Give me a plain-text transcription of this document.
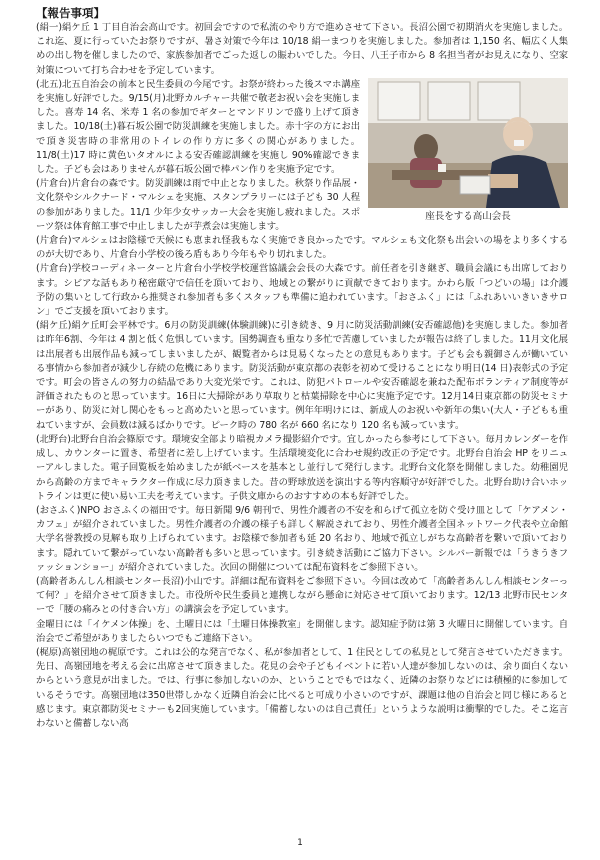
【報告事項】

(絹一)絹ケ丘 1 丁目自治会高山です。初回会ですので私流のやり方で進めさせて下さい。長沼公園で初期消火を実施しました。これ迄、夏に行っていたお祭りですが、暑さ対策で今年は 10/18 絹一まつりを実施しました。参加者は 1,150 名、幅広く人集めの出し物を催しましたので、家族参加者でごった返しの賑わいでした。今日、八王子市から 8 名担当者がお見えになり、空家対策について打ち合わせを予定しています。

座長をする高山会長

(北五)北五自治会の前本と民生委員の今尾です。お祭が終わった後スマホ講座を実施し好評でした。9/15(月)北野カルチャー共催で敬老お祝い会を実施しました。喜寿 14 名、米寿 1 名の参加でギターとマンドリンで盛り上げて頂きました。10/18(土)暮石坂公園で防災訓練を実施しました。赤十字の方にお出で頂き災害時の非常用のトイレの作り方に多くの関心がありました。11/8(土)17 時に黄色いタオルによる安否確認訓練を実施し 90%確認できました。子ども会はありませんが暮石坂公園で棒パン作りを実施予定です。

(片倉台)片倉台の森です。防災訓練は雨で中止となりました。秋祭り作品展・文化祭やシルクナード・マルシェを実施、スタンプラリーには子ども 30 人程の参加がありました。11/1 少年少女サッカー大会を実施し疲れました。スポーツ祭は体育館工事で中止しましたが芋煮会は実施します。

(片倉台)マルシェはお陰様で天候にも恵まれ怪我もなく実施でき良かったです。マルシェも文化祭も出会いの場をより多くするのが大切であり、片倉台小学校の後ろ盾もあり今年もやり切れました。

(片倉台)学校コーディネーターと片倉台小学校学校運営協議会会長の大森です。前任者を引き継ぎ、職員会議にも出席しております。シビアな話もあり秘密厳守で信任を頂いており、地域との繋がりに貢献できております。かわら版「つどいの場」は介護予防の集いとして行政から推奨され参加者も多くスタッフも準備に追われています。「おさふく」には「ふれあいいきいきサロン」でご支援を頂いております。

(絹ケ丘)絹ケ丘町会平林です。6月の防災訓練(体験訓練)に引き続き、9 月に防災活動訓練(安否確認他)を実施しました。参加者は昨年6割、今年は 4 割と低く危惧しています。国勢調査も重なり多忙で苦慮していましたが報告は終了しました。11月文化展は出展者も出展作品も減ってしまいましたが、観覧者からは見易くなったとの意見もあります。子ども会も親御さんが働いている事情から参加者が減少し存続の危機にあります。防災活動が東京都の表彰を初めて受けることになり明日(14 日)表彰式の予定です。町会の皆さんの努力の結晶であり大変光栄です。これは、防犯パトロールや安否確認を兼ねた配布ボランティア制度等が評価されたものと思っています。16日に大掃除があり草取りと枯葉掃除を中心に実施予定です。12月14日東京都の防災セミナーがあり、防災に対し関心をもっと高めたいと思っています。例年年明けには、新成人のお祝いや新年の集い(大人・子どもも重ねていますが、会員数は減るばかりです。ピーク時の 780 名が 660 名になり 120 名も減っています。

(北野台)北野台自治会篠原です。環境安全部より暗視カメラ撮影紹介です。宜しかったら参考にして下さい。毎月カレンダーを作成し、カウンターに置き、希望者に差し上げています。生活環境変化に合わせ規約改正の予定です。北野台自治会 HP をリニューアルしました。電子回覧板を始めましたが紙ベースを基本とし並行して発行します。北野台文化祭を開催しました。幼稚園児から高齢の方までキャラクター作成に尽力頂きました。昔の野球放送を演出する等内容順守が好評でした。北野台助け合いホットラインは更に使い易い工夫を考えています。子供文庫からのおすすめの本も好評でした。

(おさふく)NPO おさふくの福田です。毎日新聞 9/6 朝刊で、男性介護者の不安を和らげて孤立を防ぐ受け皿として「ケアメン・カフェ」が紹介されていました。男性介護者の介護の様子も詳しく解説されており、男性介護者全国ネットワーク代表や立命館大学名誉教授の見解も取り上げられています。お陰様で参加者も延 20 名おり、地域で孤立しがちな高齢者を繋いで頂いております。隠れていて繋がっていない高齢者も多いと思っています。引き続き活動にご協力下さい。シルバー新報では「うきうきファッションショー」が紹介されていました。次回の開催については配布資料をご参照下さい。

(高齢者あんしん相談センター長沼)小山です。詳細は配布資料をご参照下さい。今回は改めて「高齢者あんしん相談センターって何？」を紹介させて頂きました。市役所や民生委員と連携しながら懸命に対応させて頂いております。12/13 北野市民センターで「腰の痛みとの付き合い方」の講演会を予定しています。

金曜日には「イケメン体操」を、土曜日には「土曜日体操教室」を開催します。認知症予防は第 3 火曜日に開催しています。自治会でご希望がありましたらいつでもご連絡下さい。

(梶原)高嶺団地の梶原です。これは公的な発言でなく、私が参加者として、1 住民としての私見として発言させていただきます。先日、高嶺団地を考える会に出席させて頂きました。花見の会や子どもイベントに若い人達が参加しないのは、余り面白くないからという意見が出ました。では、行事に参加しないのか、ということでもではなく、近隣のお祭りなどには積極的に参加しているそうです。高嶺団地は350世帯しかなく近隣自治会に比べると可成り小さいのですが、課題は他の自治会と同じ様にあると感じます。東京都防災セミナーも2回実施しています。「備蓄しないのは自己責任」というような説明は衝撃的でした。そこ迄言わないと備蓄しない高

1
